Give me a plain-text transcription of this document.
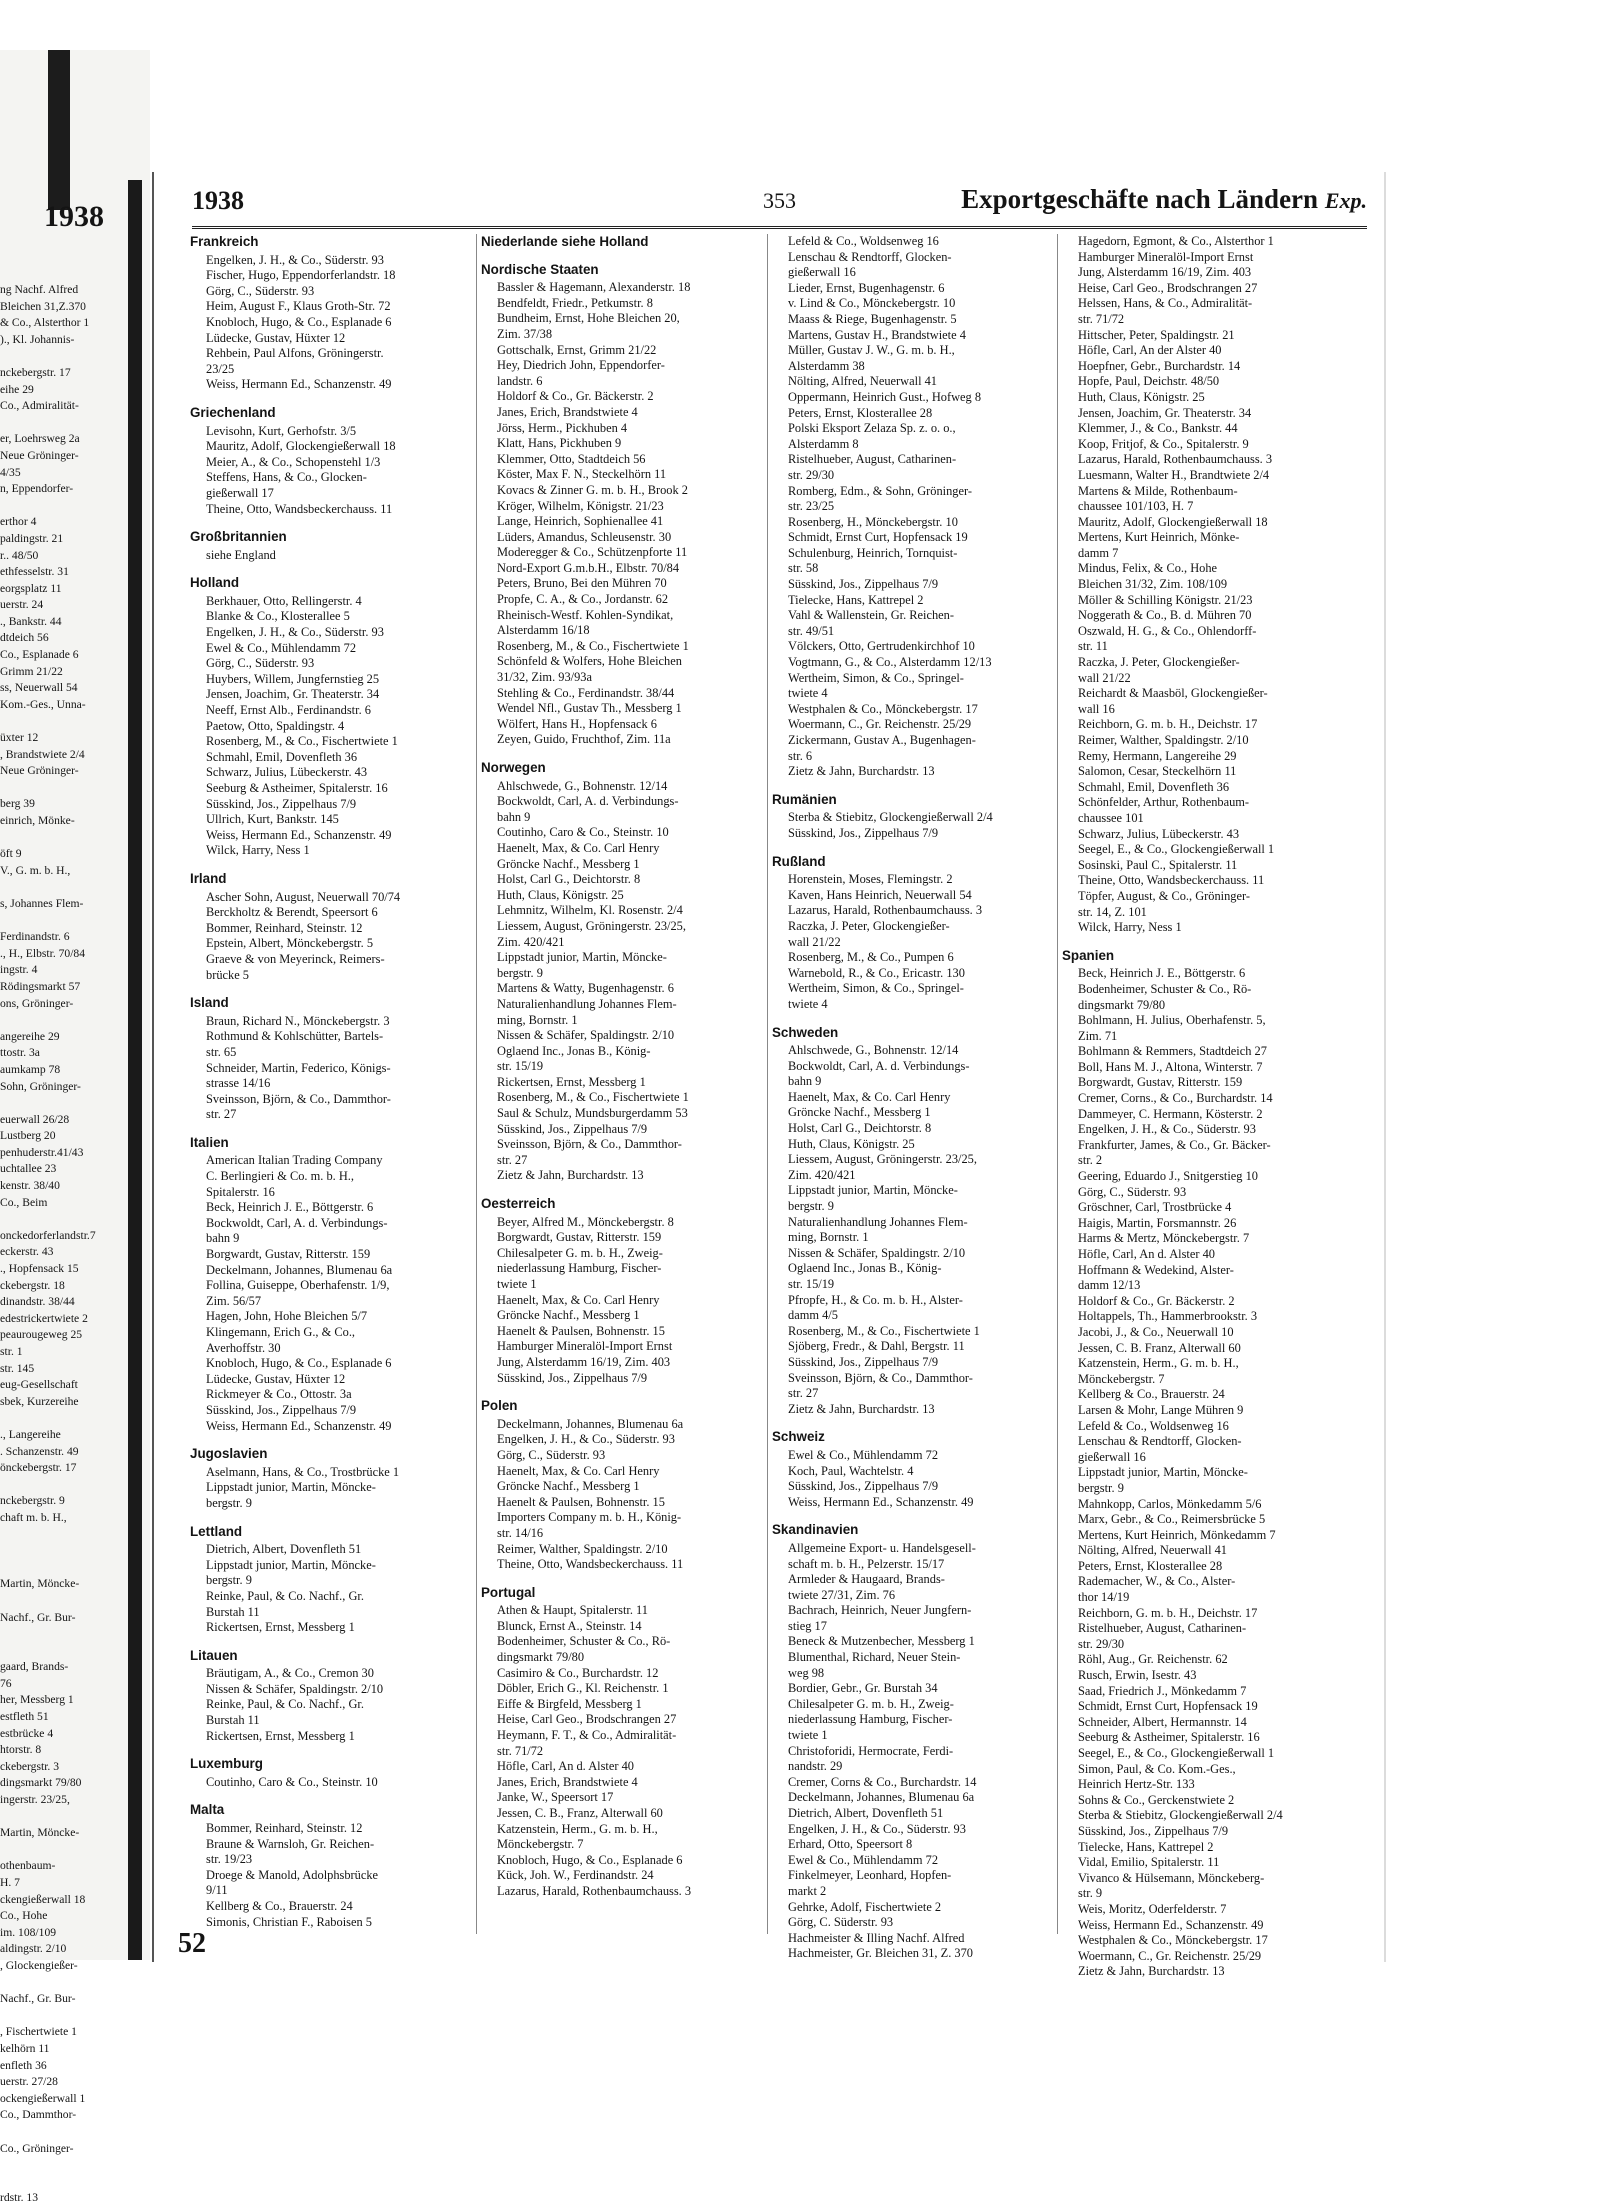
1938
ng Nachf. Alfred
Bleichen 31,Z.370
& Co., Alsterthor 1
)., Kl. Johannis-
nckebergstr. 17
eihe 29
Co., Admiralität-
er, Loehrsweg 2a
Neue Gröninger-
4/35
n, Eppendorfer-
erthor 4
paldingstr. 21
r.. 48/50
ethfesselstr. 31
eorgsplatz 11
uerstr. 24
., Bankstr. 44
dtdeich 56
Co., Esplanade 6
Grimm 21/22
ss, Neuerwall 54
Kom.-Ges., Unna-
üxter 12
, Brandstwiete 2/4
Neue Gröninger-
berg 39
einrich, Mönke-
öft 9
V., G. m. b. H.,
s, Johannes Flem-
Ferdinandstr. 6
., H., Elbstr. 70/84
ingstr. 4
Rödingsmarkt 57
ons, Gröninger-
angereihe 29
ttostr. 3a
aumkamp 78
Sohn, Gröninger-
euerwall 26/28
Lustberg 20
penhuderstr.41/43
uchtallee 23
kenstr. 38/40
Co., Beim
onckedorferlandstr.7
eckerstr. 43
., Hopfensack 15
ckebergstr. 18
dinandstr. 38/44
edestrickertwiete 2
peaurougeweg 25
str. 1
str. 145
eug-Gesellschaft
sbek, Kurzereihe
., Langereihe
. Schanzenstr. 49
önckebergstr. 17
nckebergstr. 9
chaft m. b. H.,
Martin, Möncke-
Nachf., Gr. Bur-
gaard, Brands-
76
her, Messberg 1
estfleth 51
estbrücke 4
htorstr. 8
ckebergstr. 3
dingsmarkt 79/80
ingerstr. 23/25,
Martin, Möncke-
othenbaum-
H. 7
ckengießerwall 18
Co., Hohe
im. 108/109
aldingstr. 2/10
, Glockengießer-
Nachf., Gr. Bur-
, Fischertwiete 1
kelhörn 11
enfleth 36
uerstr. 27/28
ockengießerwall 1
Co., Dammthor-
Co., Gröninger-
rdstr. 13
1938	353	Exportgeschäfte nach Ländern Exp.
Frankreich
Engelken, J. H., & Co., Süderstr. 93
Fischer, Hugo, Eppendorferlandstr. 18
Görg, C., Süderstr. 93
Heim, August F., Klaus Groth-Str. 72
Knobloch, Hugo, & Co., Esplanade 6
Lüdecke, Gustav, Hüxter 12
Rehbein, Paul Alfons, Gröningerstr.
23/25
Weiss, Hermann Ed., Schanzenstr. 49
Griechenland
Levisohn, Kurt, Gerhofstr. 3/5
Mauritz, Adolf, Glockengießerwall 18
Meier, A., & Co., Schopenstehl 1/3
Steffens, Hans, & Co., Glocken-
gießerwall 17
Theine, Otto, Wandsbeckerchauss. 11
Großbritannien
siehe England
Holland
Berkhauer, Otto, Rellingerstr. 4
Blanke & Co., Klosterallee 5
Engelken, J. H., & Co., Süderstr. 93
Ewel & Co., Mühlendamm 72
Görg, C., Süderstr. 93
Huybers, Willem, Jungfernstieg 25
Jensen, Joachim, Gr. Theaterstr. 34
Neeff, Ernst Alb., Ferdinandstr. 6
Paetow, Otto, Spaldingstr. 4
Rosenberg, M., & Co., Fischertwiete 1
Schmahl, Emil, Dovenfleth 36
Schwarz, Julius, Lübeckerstr. 43
Seeburg & Astheimer, Spitalerstr. 16
Süsskind, Jos., Zippelhaus 7/9
Ullrich, Kurt, Bankstr. 145
Weiss, Hermann Ed., Schanzenstr. 49
Wilck, Harry, Ness 1
Irland
Ascher Sohn, August, Neuerwall 70/74
Berckholtz & Berendt, Speersort 6
Bommer, Reinhard, Steinstr. 12
Epstein, Albert, Mönckebergstr. 5
Graeve & von Meyerinck, Reimers-
brücke 5
Island
Braun, Richard N., Mönckebergstr. 3
Rothmund & Kohlschütter, Bartels-
str. 65
Schneider, Martin, Federico, Königs-
strasse 14/16
Sveinsson, Björn, & Co., Dammthor-
str. 27
Italien
American Italian Trading Company
C. Berlingieri & Co. m. b. H.,
Spitalerstr. 16
Beck, Heinrich J. E., Böttgerstr. 6
Bockwoldt, Carl, A. d. Verbindungs-
bahn 9
Borgwardt, Gustav, Ritterstr. 159
Deckelmann, Johannes, Blumenau 6a
Follina, Guiseppe, Oberhafenstr. 1/9,
Zim. 56/57
Hagen, John, Hohe Bleichen 5/7
Klingemann, Erich G., & Co.,
Averhoffstr. 30
Knobloch, Hugo, & Co., Esplanade 6
Lüdecke, Gustav, Hüxter 12
Rickmeyer & Co., Ottostr. 3a
Süsskind, Jos., Zippelhaus 7/9
Weiss, Hermann Ed., Schanzenstr. 49
Jugoslavien
Aselmann, Hans, & Co., Trostbrücke 1
Lippstadt junior, Martin, Möncke-
bergstr. 9
Lettland
Dietrich, Albert, Dovenfleth 51
Lippstadt junior, Martin, Möncke-
bergstr. 9
Reinke, Paul, & Co. Nachf., Gr.
Burstah 11
Rickertsen, Ernst, Messberg 1
Litauen
Bräutigam, A., & Co., Cremon 30
Nissen & Schäfer, Spaldingstr. 2/10
Reinke, Paul, & Co. Nachf., Gr.
Burstah 11
Rickertsen, Ernst, Messberg 1
Luxemburg
Coutinho, Caro & Co., Steinstr. 10
Malta
Bommer, Reinhard, Steinstr. 12
Braune & Warnsloh, Gr. Reichen-
str. 19/23
Droege & Manold, Adolphsbrücke
9/11
Kellberg & Co., Brauerstr. 24
Simonis, Christian F., Raboisen 5
Niederlande siehe Holland
Nordische Staaten
Bassler & Hagemann, Alexanderstr. 18
Bendfeldt, Friedr., Petkumstr. 8
Bundheim, Ernst, Hohe Bleichen 20,
Zim. 37/38
Gottschalk, Ernst, Grimm 21/22
Hey, Diedrich John, Eppendorfer-
landstr. 6
Holdorf & Co., Gr. Bäckerstr. 2
Janes, Erich, Brandstwiete 4
Jörss, Herm., Pickhuben 4
Klatt, Hans, Pickhuben 9
Klemmer, Otto, Stadtdeich 56
Köster, Max F. N., Steckelhörn 11
Kovacs & Zinner G. m. b. H., Brook 2
Kröger, Wilhelm, Königstr. 21/23
Lange, Heinrich, Sophienallee 41
Lüders, Amandus, Schleusenstr. 30
Moderegger & Co., Schützenpforte 11
Nord-Export G.m.b.H., Elbstr. 70/84
Peters, Bruno, Bei den Mühren 70
Propfe, C. A., & Co., Jordanstr. 62
Rheinisch-Westf. Kohlen-Syndikat,
Alsterdamm 16/18
Rosenberg, M., & Co., Fischertwiete 1
Schönfeld & Wolfers, Hohe Bleichen
31/32, Zim. 93/93a
Stehling & Co., Ferdinandstr. 38/44
Wendel Nfl., Gustav Th., Messberg 1
Wölfert, Hans H., Hopfensack 6
Zeyen, Guido, Fruchthof, Zim. 11a
Norwegen
Ahlschwede, G., Bohnenstr. 12/14
Bockwoldt, Carl, A. d. Verbindungs-
bahn 9
Coutinho, Caro & Co., Steinstr. 10
Haenelt, Max, & Co. Carl Henry
Gröncke Nachf., Messberg 1
Holst, Carl G., Deichtorstr. 8
Huth, Claus, Königstr. 25
Lehmnitz, Wilhelm, Kl. Rosenstr. 2/4
Liessem, August, Gröningerstr. 23/25,
Zim. 420/421
Lippstadt junior, Martin, Möncke-
bergstr. 9
Martens & Watty, Bugenhagenstr. 6
Naturalienhandlung Johannes Flem-
ming, Bornstr. 1
Nissen & Schäfer, Spaldingstr. 2/10
Oglaend Inc., Jonas B., König-
str. 15/19
Rickertsen, Ernst, Messberg 1
Rosenberg, M., & Co., Fischertwiete 1
Saul & Schulz, Mundsburgerdamm 53
Süsskind, Jos., Zippelhaus 7/9
Sveinsson, Björn, & Co., Dammthor-
str. 27
Zietz & Jahn, Burchardstr. 13
Oesterreich
Beyer, Alfred M., Mönckebergstr. 8
Borgwardt, Gustav, Ritterstr. 159
Chilesalpeter G. m. b. H., Zweig-
niederlassung Hamburg, Fischer-
twiete 1
Haenelt, Max, & Co. Carl Henry
Gröncke Nachf., Messberg 1
Haenelt & Paulsen, Bohnenstr. 15
Hamburger Mineralöl-Import Ernst
Jung, Alsterdamm 16/19, Zim. 403
Süsskind, Jos., Zippelhaus 7/9
Polen
Deckelmann, Johannes, Blumenau 6a
Engelken, J. H., & Co., Süderstr. 93
Görg, C., Süderstr. 93
Haenelt, Max, & Co. Carl Henry
Gröncke Nachf., Messberg 1
Haenelt & Paulsen, Bohnenstr. 15
Importers Company m. b. H., König-
str. 14/16
Reimer, Walther, Spaldingstr. 2/10
Theine, Otto, Wandsbeckerchauss. 11
Portugal
Athen & Haupt, Spitalerstr. 11
Blunck, Ernst A., Steinstr. 14
Bodenheimer, Schuster & Co., Rö-
dingsmarkt 79/80
Casimiro & Co., Burchardstr. 12
Döbler, Erich G., Kl. Reichenstr. 1
Eiffe & Birgfeld, Messberg 1
Heise, Carl Geo., Brodschrangen 27
Heymann, F. T., & Co., Admiralität-
str. 71/72
Höfle, Carl, An d. Alster 40
Janes, Erich, Brandstwiete 4
Janke, W., Speersort 17
Jessen, C. B., Franz, Alterwall 60
Katzenstein, Herm., G. m. b. H.,
Mönckebergstr. 7
Knobloch, Hugo, & Co., Esplanade 6
Kück, Joh. W., Ferdinandstr. 24
Lazarus, Harald, Rothenbaumchauss. 3
Lefeld & Co., Woldsenweg 16
Lenschau & Rendtorff, Glocken-
gießerwall 16
Lieder, Ernst, Bugenhagenstr. 6
v. Lind & Co., Mönckebergstr. 10
Maass & Riege, Bugenhagenstr. 5
Martens, Gustav H., Brandstwiete 4
Müller, Gustav J. W., G. m. b. H.,
Alsterdamm 38
Nölting, Alfred, Neuerwall 41
Oppermann, Heinrich Gust., Hofweg 8
Peters, Ernst, Klosterallee 28
Polski Eksport Zelaza Sp. z. o. o.,
Alsterdamm 8
Ristelhueber, August, Catharinen-
str. 29/30
Romberg, Edm., & Sohn, Gröninger-
str. 23/25
Rosenberg, H., Mönckebergstr. 10
Schmidt, Ernst Curt, Hopfensack 19
Schulenburg, Heinrich, Tornquist-
str. 58
Süsskind, Jos., Zippelhaus 7/9
Tielecke, Hans, Kattrepel 2
Vahl & Wallenstein, Gr. Reichen-
str. 49/51
Völckers, Otto, Gertrudenkirchhof 10
Vogtmann, G., & Co., Alsterdamm 12/13
Wertheim, Simon, & Co., Springel-
twiete 4
Westphalen & Co., Mönckebergstr. 17
Woermann, C., Gr. Reichenstr. 25/29
Zickermann, Gustav A., Bugenhagen-
str. 6
Zietz & Jahn, Burchardstr. 13
Rumänien
Sterba & Stiebitz, Glockengießerwall 2/4
Süsskind, Jos., Zippelhaus 7/9
Rußland
Horenstein, Moses, Flemingstr. 2
Kaven, Hans Heinrich, Neuerwall 54
Lazarus, Harald, Rothenbaumchauss. 3
Raczka, J. Peter, Glockengießer-
wall 21/22
Rosenberg, M., & Co., Pumpen 6
Warnebold, R., & Co., Ericastr. 130
Wertheim, Simon, & Co., Springel-
twiete 4
Schweden
Ahlschwede, G., Bohnenstr. 12/14
Bockwoldt, Carl, A. d. Verbindungs-
bahn 9
Haenelt, Max, & Co. Carl Henry
Gröncke Nachf., Messberg 1
Holst, Carl G., Deichtorstr. 8
Huth, Claus, Königstr. 25
Liessem, August, Gröningerstr. 23/25,
Zim. 420/421
Lippstadt junior, Martin, Möncke-
bergstr. 9
Naturalienhandlung Johannes Flem-
ming, Bornstr. 1
Nissen & Schäfer, Spaldingstr. 2/10
Oglaend Inc., Jonas B., König-
str. 15/19
Pfropfe, H., & Co. m. b. H., Alster-
damm 4/5
Rosenberg, M., & Co., Fischertwiete 1
Sjöberg, Fredr., & Dahl, Bergstr. 11
Süsskind, Jos., Zippelhaus 7/9
Sveinsson, Björn, & Co., Dammthor-
str. 27
Zietz & Jahn, Burchardstr. 13
Schweiz
Ewel & Co., Mühlendamm 72
Koch, Paul, Wachtelstr. 4
Süsskind, Jos., Zippelhaus 7/9
Weiss, Hermann Ed., Schanzenstr. 49
Skandinavien
Allgemeine Export- u. Handelsgesell-
schaft m. b. H., Pelzerstr. 15/17
Armleder & Haugaard, Brands-
twiete 27/31, Zim. 76
Bachrach, Heinrich, Neuer Jungfern-
stieg 17
Beneck & Mutzenbecher, Messberg 1
Blumenthal, Richard, Neuer Stein-
weg 98
Bordier, Gebr., Gr. Burstah 34
Chilesalpeter G. m. b. H., Zweig-
niederlassung Hamburg, Fischer-
twiete 1
Christoforidi, Hermocrate, Ferdi-
nandstr. 29
Cremer, Corns & Co., Burchardstr. 14
Deckelmann, Johannes, Blumenau 6a
Dietrich, Albert, Dovenfleth 51
Engelken, J. H., & Co., Süderstr. 93
Erhard, Otto, Speersort 8
Ewel & Co., Mühlendamm 72
Finkelmeyer, Leonhard, Hopfen-
markt 2
Gehrke, Adolf, Fischertwiete 2
Görg, C. Süderstr. 93
Hachmeister & Illing Nachf. Alfred
Hachmeister, Gr. Bleichen 31, Z. 370
Hagedorn, Egmont, & Co., Alsterthor 1
Hamburger Mineralöl-Import Ernst
Jung, Alsterdamm 16/19, Zim. 403
Heise, Carl Geo., Brodschrangen 27
Helssen, Hans, & Co., Admiralität-
str. 71/72
Hittscher, Peter, Spaldingstr. 21
Höfle, Carl, An der Alster 40
Hoepfner, Gebr., Burchardstr. 14
Hopfe, Paul, Deichstr. 48/50
Huth, Claus, Königstr. 25
Jensen, Joachim, Gr. Theaterstr. 34
Klemmer, J., & Co., Bankstr. 44
Koop, Fritjof, & Co., Spitalerstr. 9
Lazarus, Harald, Rothenbaumchauss. 3
Luesmann, Walter H., Brandtwiete 2/4
Martens & Milde, Rothenbaum-
chaussee 101/103, H. 7
Mauritz, Adolf, Glockengießerwall 18
Mertens, Kurt Heinrich, Mönke-
damm 7
Mindus, Felix, & Co., Hohe
Bleichen 31/32, Zim. 108/109
Möller & Schilling Königstr. 21/23
Noggerath & Co., B. d. Mühren 70
Oszwald, H. G., & Co., Ohlendorff-
str. 11
Raczka, J. Peter, Glockengießer-
wall 21/22
Reichardt & Maasböl, Glockengießer-
wall 16
Reichborn, G. m. b. H., Deichstr. 17
Reimer, Walther, Spaldingstr. 2/10
Remy, Hermann, Langereihe 29
Salomon, Cesar, Steckelhörn 11
Schmahl, Emil, Dovenfleth 36
Schönfelder, Arthur, Rothenbaum-
chaussee 101
Schwarz, Julius, Lübeckerstr. 43
Seegel, E., & Co., Glockengießerwall 1
Sosinski, Paul C., Spitalerstr. 11
Theine, Otto, Wandsbeckerchauss. 11
Töpfer, August, & Co., Gröninger-
str. 14, Z. 101
Wilck, Harry, Ness 1
Spanien
Beck, Heinrich J. E., Böttgerstr. 6
Bodenheimer, Schuster & Co., Rö-
dingsmarkt 79/80
Bohlmann, H. Julius, Oberhafenstr. 5,
Zim. 71
Bohlmann & Remmers, Stadtdeich 27
Boll, Hans M. J., Altona, Winterstr. 7
Borgwardt, Gustav, Ritterstr. 159
Cremer, Corns., & Co., Burchardstr. 14
Dammeyer, C. Hermann, Kösterstr. 2
Engelken, J. H., & Co., Süderstr. 93
Frankfurter, James, & Co., Gr. Bäcker-
str. 2
Geering, Eduardo J., Snitgerstieg 10
Görg, C., Süderstr. 93
Gröschner, Carl, Trostbrücke 4
Haigis, Martin, Forsmannstr. 26
Harms & Mertz, Mönckebergstr. 7
Höfle, Carl, An d. Alster 40
Hoffmann & Wedekind, Alster-
damm 12/13
Holdorf & Co., Gr. Bäckerstr. 2
Holtappels, Th., Hammerbrookstr. 3
Jacobi, J., & Co., Neuerwall 10
Jessen, C. B. Franz, Alterwall 60
Katzenstein, Herm., G. m. b. H.,
Mönckebergstr. 7
Kellberg & Co., Brauerstr. 24
Larsen & Mohr, Lange Mühren 9
Lefeld & Co., Woldsenweg 16
Lenschau & Rendtorff, Glocken-
gießerwall 16
Lippstadt junior, Martin, Möncke-
bergstr. 9
Mahnkopp, Carlos, Mönkedamm 5/6
Marx, Gebr., & Co., Reimersbrücke 5
Mertens, Kurt Heinrich, Mönkedamm 7
Nölting, Alfred, Neuerwall 41
Peters, Ernst, Klosterallee 28
Rademacher, W., & Co., Alster-
thor 14/19
Reichborn, G. m. b. H., Deichstr. 17
Ristelhueber, August, Catharinen-
str. 29/30
Röhl, Aug., Gr. Reichenstr. 62
Rusch, Erwin, Isestr. 43
Saad, Friedrich J., Mönkedamm 7
Schmidt, Ernst Curt, Hopfensack 19
Schneider, Albert, Hermannstr. 14
Seeburg & Astheimer, Spitalerstr. 16
Seegel, E., & Co., Glockengießerwall 1
Simon, Paul, & Co. Kom.-Ges.,
Heinrich Hertz-Str. 133
Sohns & Co., Gerckenstwiete 2
Sterba & Stiebitz, Glockengießerwall 2/4
Süsskind, Jos., Zippelhaus 7/9
Tielecke, Hans, Kattrepel 2
Vidal, Emilio, Spitalerstr. 11
Vivanco & Hülsemann, Mönckeberg-
str. 9
Weis, Moritz, Oderfelderstr. 7
Weiss, Hermann Ed., Schanzenstr. 49
Westphalen & Co., Mönckebergstr. 17
Woermann, C., Gr. Reichenstr. 25/29
Zietz & Jahn, Burchardstr. 13
52
